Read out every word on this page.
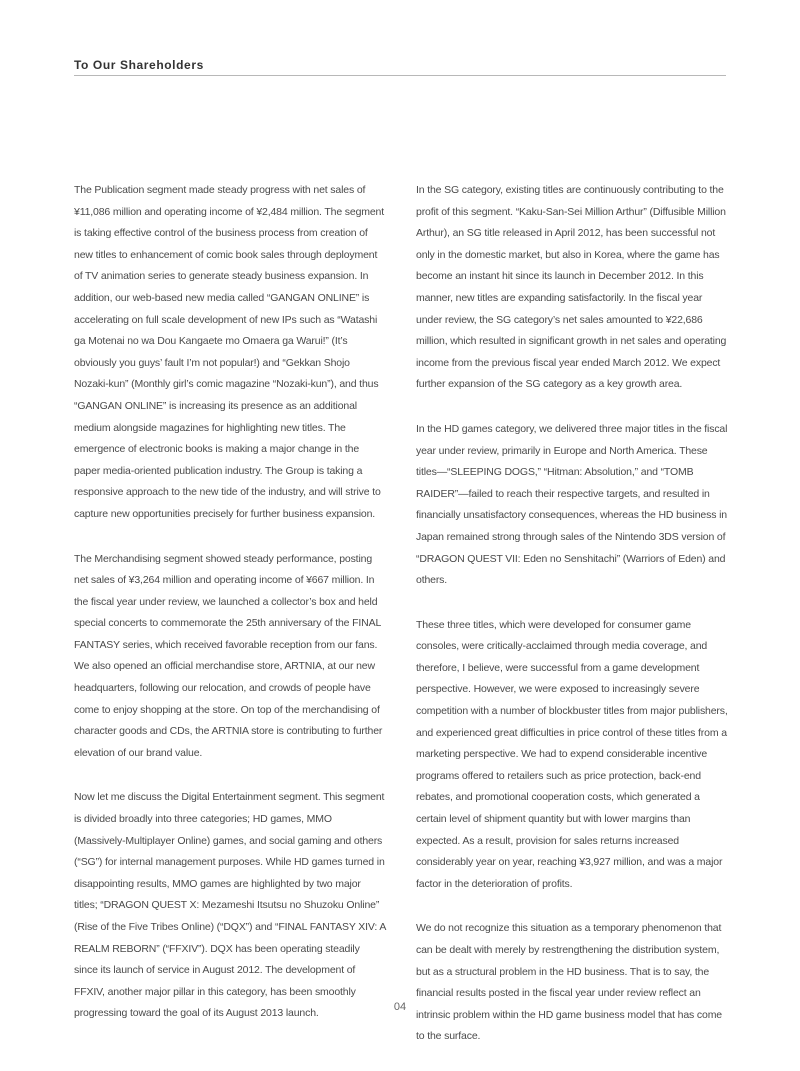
To Our Shareholders

The Publication segment made steady progress with net sales of ¥11,086 million and operating income of ¥2,484 million. The segment is taking effective control of the business process from creation of new titles to enhancement of comic book sales through deployment of TV animation series to generate steady business expansion. In addition, our web-based new media called “GANGAN ONLINE” is accelerating on full scale development of new IPs such as “Watashi ga Motenai no wa Dou Kangaete mo Omaera ga Warui!” (It’s obviously you guys’ fault I’m not popular!) and “Gekkan Shojo Nozaki-kun” (Monthly girl’s comic magazine “Nozaki-kun”), and thus “GANGAN ONLINE” is increasing its presence as an additional medium alongside magazines for highlighting new titles. The emergence of electronic books is making a major change in the paper media-oriented publication industry. The Group is taking a responsive approach to the new tide of the industry, and will strive to capture new opportunities precisely for further business expansion.

The Merchandising segment showed steady performance, posting net sales of ¥3,264 million and operating income of ¥667 million. In the fiscal year under review, we launched a collector’s box and held special concerts to commemorate the 25th anniversary of the FINAL FANTASY series, which received favorable reception from our fans. We also opened an official merchandise store, ARTNIA, at our new headquarters, following our relocation, and crowds of people have come to enjoy shopping at the store. On top of the merchandising of character goods and CDs, the ARTNIA store is contributing to further elevation of our brand value.

Now let me discuss the Digital Entertainment segment. This segment is divided broadly into three categories; HD games, MMO (Massively-Multiplayer Online) games, and social gaming and others (“SG”) for internal management purposes. While HD games turned in disappointing results, MMO games are highlighted by two major titles; “DRAGON QUEST X: Mezameshi Itsutsu no Shuzoku Online” (Rise of the Five Tribes Online) (“DQX”) and “FINAL FANTASY XIV: A REALM REBORN” (“FFXIV”). DQX has been operating steadily since its launch of service in August 2012. The development of FFXIV, another major pillar in this category, has been smoothly progressing toward the goal of its August 2013 launch.

In the SG category, existing titles are continuously contributing to the profit of this segment. “Kaku-San-Sei Million Arthur” (Diffusible Million Arthur), an SG title released in April 2012, has been successful not only in the domestic market, but also in Korea, where the game has become an instant hit since its launch in December 2012. In this manner, new titles are expanding satisfactorily. In the fiscal year under review, the SG category’s net sales amounted to ¥22,686 million, which resulted in significant growth in net sales and operating income from the previous fiscal year ended March 2012. We expect further expansion of the SG category as a key growth area.

In the HD games category, we delivered three major titles in the fiscal year under review, primarily in Europe and North America. These titles—“SLEEPING DOGS,” “Hitman: Absolution,” and “TOMB RAIDER”—failed to reach their respective targets, and resulted in financially unsatisfactory consequences, whereas the HD business in Japan remained strong through sales of the Nintendo 3DS version of “DRAGON QUEST VII: Eden no Senshitachi” (Warriors of Eden) and others.

These three titles, which were developed for consumer game consoles, were critically-acclaimed through media coverage, and therefore, I believe, were successful from a game development perspective. However, we were exposed to increasingly severe competition with a number of blockbuster titles from major publishers, and experienced great difficulties in price control of these titles from a marketing perspective. We had to expend considerable incentive programs offered to retailers such as price protection, back-end rebates, and promotional cooperation costs, which generated a certain level of shipment quantity but with lower margins than expected. As a result, provision for sales returns increased considerably year on year, reaching ¥3,927 million, and was a major factor in the deterioration of profits.

We do not recognize this situation as a temporary phenomenon that can be dealt with merely by restrengthening the distribution system, but as a structural problem in the HD business. That is to say, the financial results posted in the fiscal year under review reflect an intrinsic problem within the HD game business model that has come to the surface.

04
